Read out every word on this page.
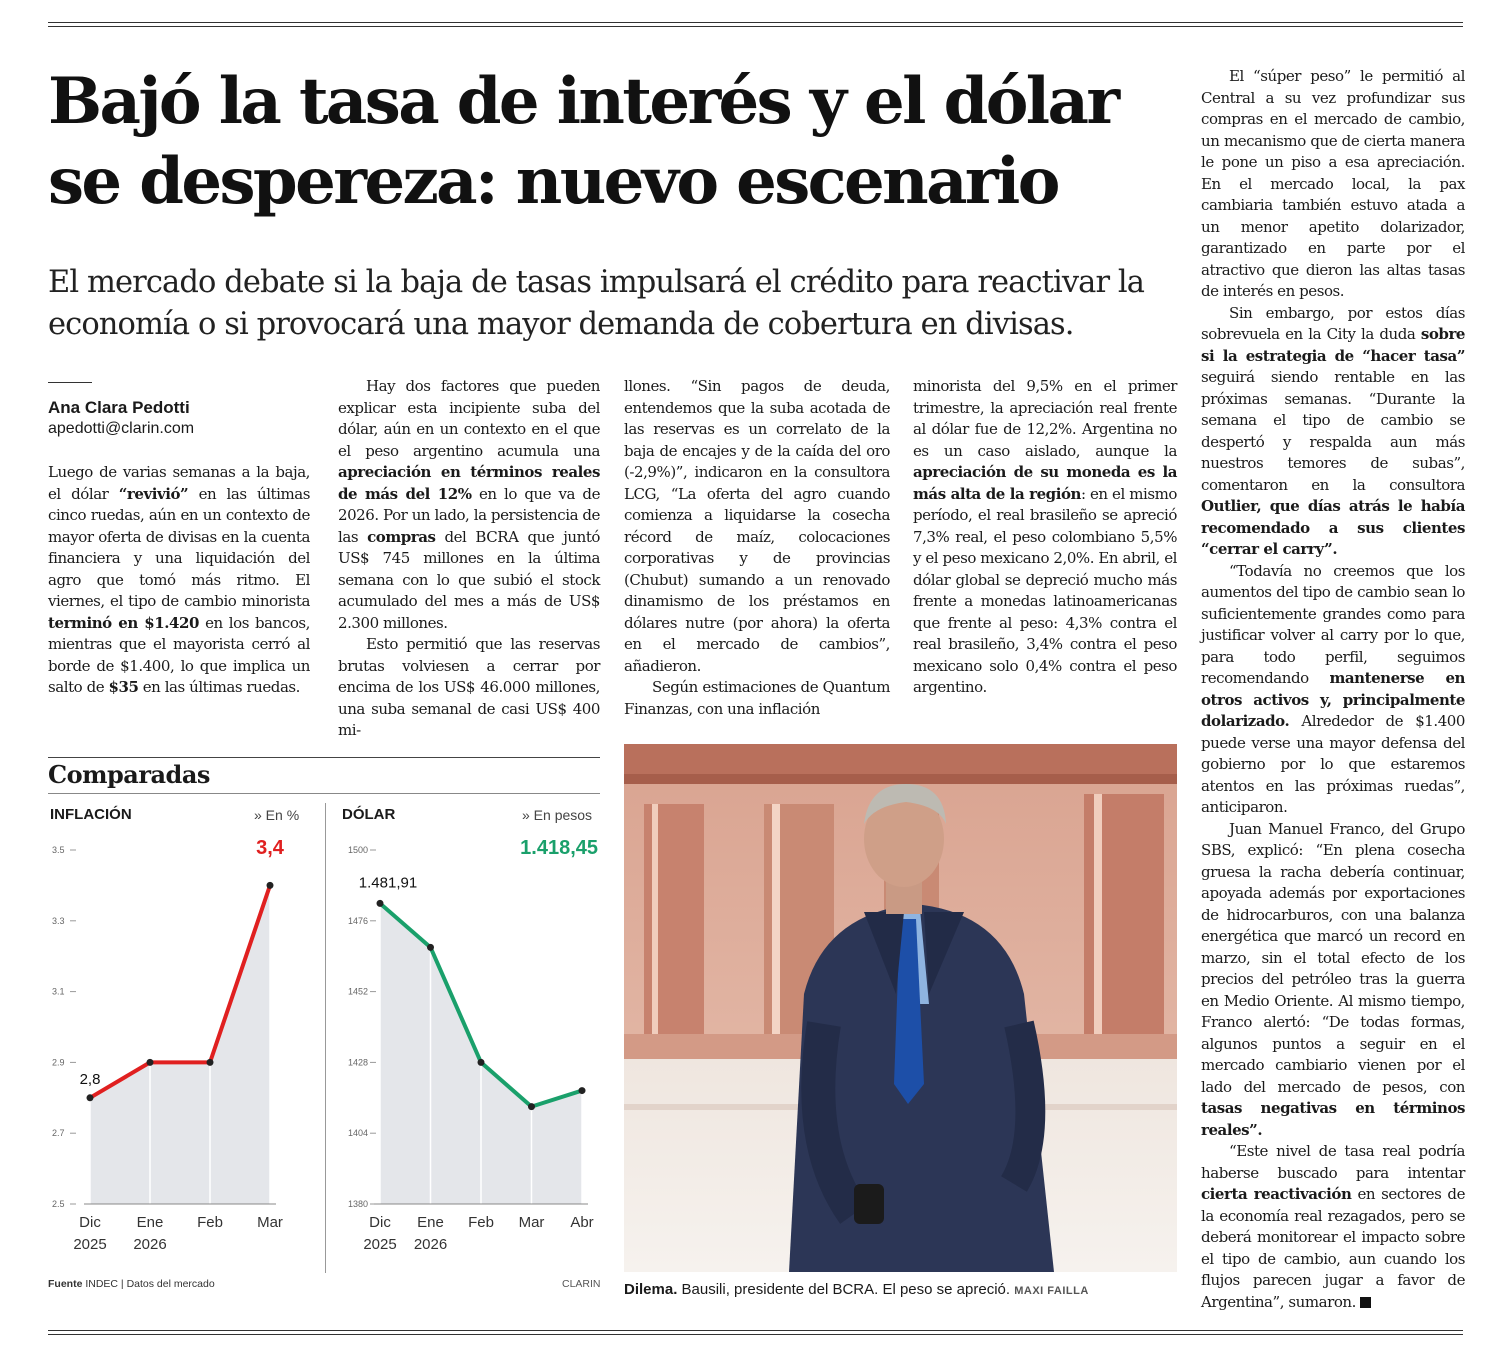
Bajó la tasa de interés y el dólar
se despereza: nuevo escenario

El mercado debate si la baja de tasas impulsará el crédito para reactivar la economía o si provocará una mayor demanda de cobertura en divisas.

Ana Clara Pedotti
apedotti@clarin.com

Luego de varias semanas a la baja, el dólar “revivió” en las últimas cinco ruedas, aún en un contexto de mayor oferta de divisas en la cuenta financiera y una liquidación del agro que tomó más ritmo. El viernes, el tipo de cambio minorista terminó en $1.420 en los bancos, mientras que el mayorista cerró al borde de $1.400, lo que implica un salto de $35 en las últimas ruedas.

Hay dos factores que pueden explicar esta incipiente suba del dólar, aún en un contexto en el que el peso argentino acumula una apreciación en términos reales de más del 12% en lo que va de 2026. Por un lado, la persistencia de las compras del BCRA que juntó US$ 745 millones en la última semana con lo que subió el stock acumulado del mes a más de US$ 2.300 millones.

Esto permitió que las reservas brutas volviesen a cerrar por encima de los US$ 46.000 millones, una suba semanal de casi US$ 400 mi-

llones. “Sin pagos de deuda, entendemos que la suba acotada de las reservas es un correlato de la baja de encajes y de la caída del oro (-2,9%)”, indicaron en la consultora LCG, “La oferta del agro cuando comienza a liquidarse la cosecha récord de maíz, colocaciones corporativas y de provincias (Chubut) sumando a un renovado dinamismo de los préstamos en dólares nutre (por ahora) la oferta en el mercado de cambios”, añadieron.

Según estimaciones de Quantum Finanzas, con una inflación

minorista del 9,5% en el primer trimestre, la apreciación real frente al dólar fue de 12,2%. Argentina no es un caso aislado, aunque la apreciación de su moneda es la más alta de la región: en el mismo período, el real brasileño se apreció 7,3% real, el peso colombiano 5,5% y el peso mexicano 2,0%. En abril, el dólar global se depreció mucho más frente a monedas latinoamericanas que frente al peso: 4,3% contra el real brasileño, 3,4% contra el peso mexicano solo 0,4% contra el peso argentino.

El “súper peso” le permitió al Central a su vez profundizar sus compras en el mercado de cambio, un mecanismo que de cierta manera le pone un piso a esa apreciación. En el mercado local, la pax cambiaria también estuvo atada a un menor apetito dolarizador, garantizado en parte por el atractivo que dieron las altas tasas de interés en pesos.

Sin embargo, por estos días sobrevuela en la City la duda sobre si la estrategia de “hacer tasa” seguirá siendo rentable en las próximas semanas. “Durante la semana el tipo de cambio se despertó y respalda aun más nuestros temores de subas”, comentaron en la consultora Outlier, que días atrás le había recomendado a sus clientes “cerrar el carry”.

“Todavía no creemos que los aumentos del tipo de cambio sean lo suficientemente grandes como para justificar volver al carry por lo que, para todo perfil, seguimos recomendando mantenerse en otros activos y, principalmente dolarizado. Alrededor de $1.400 puede verse una mayor defensa del gobierno por lo que estaremos atentos en las próximas ruedas”, anticiparon.

Juan Manuel Franco, del Grupo SBS, explicó: “En plena cosecha gruesa la racha debería continuar, apoyada además por exportaciones de hidrocarburos, con una balanza energética que marcó un record en marzo, sin el total efecto de los precios del petróleo tras la guerra en Medio Oriente. Al mismo tiempo, Franco alertó: “De todas formas, algunos puntos a seguir en el mercado cambiario vienen por el lado del mercado de pesos, con tasas negativas en términos reales”.

“Este nivel de tasa real podría haberse buscado para intentar cierta reactivación en sectores de la economía real rezagados, pero se deberá monitorear el impacto sobre el tipo de cambio, aun cuando los flujos parecen jugar a favor de Argentina”, sumaron.

Comparadas
INFLACIÓN	» En %	DÓLAR	» En pesos
2.5
2.7
2.9
3.1
3.3
3.5
Dic
2025
Ene
2026
Feb Mar
2,8
3,4
1380
1404
1428
1452
1476
1500
Dic
2025
Ene
2026
Feb Mar Abr
1.481,91
1.418,45
Fuente INDEC | Datos del mercado	CLARIN Dilema. Bausili, presidente del BCRA. El peso se apreció. MAXI FAILLA
